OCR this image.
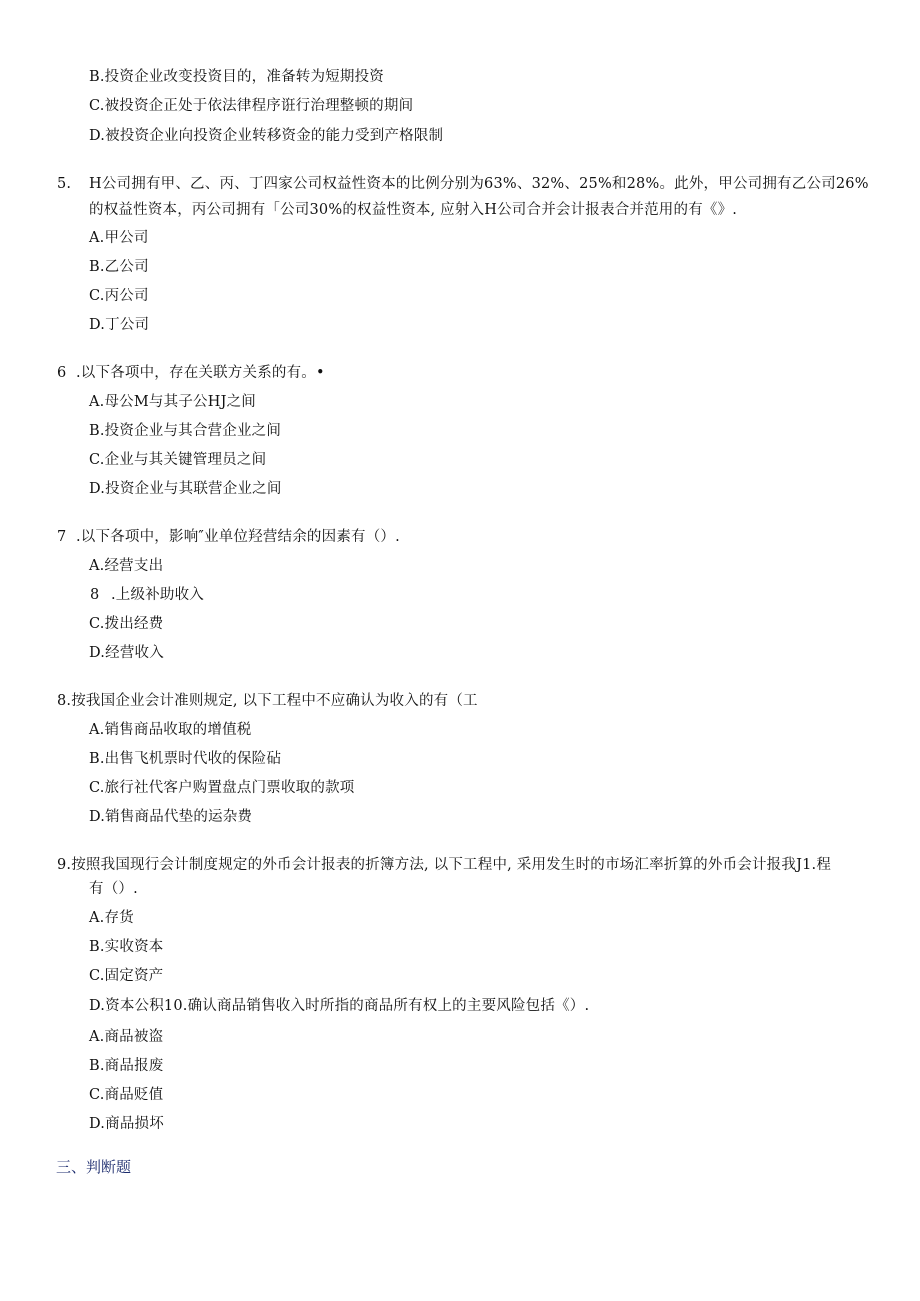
B.投资企业改变投资目的，准备转为短期投资
C.被投资企正处于依法律程序诳行治理整顿的期间
D.被投资企业向投资企业转移资金的能力受到产格限制
5. H公司拥有甲、乙、丙、丁四家公司权益性资本的比例分别为63%、32%、25%和28%。此外，甲公司拥有乙公司26%
的权益性资本，丙公司拥有「公司30%的权益性资本, 应射入H公司合并会计报表合并范用的有《》.
A.甲公司
B.乙公司
C.丙公司
D.丁公司
6 .以下各项中，存在关联方关系的有。•
A.母公M与其子公HJ之间
B.投资企业与其合营企业之间
C.企业与其关键管理员之间
D.投资企业与其联营企业之间
7 .以下各项中，影响″业单位羟营结余的因素有（）.
A.经营支出
8 .上级补助收入
C.拨出经费
D.经营收入
8.按我国企业会计准则规定, 以下工程中不应确认为收入的有（工
A.销售商品收取的增值税
B.出售飞机票时代收的保险砧
C.旅行社代客户购置盘点门票收取的款项
D.销售商品代垫的运杂费
9.按照我国现行会计制度规定的外币会计报表的折簿方法, 以下工程中, 采用发生时的市场汇率折算的外币会计报我J1.程
有（）.
A.存货
B.实收资本
C.固定资产
D.资本公积10.确认商品销售收入时所指的商品所有权上的主要风险包括《）.
A.商品被盗
B.商品报废
C.商品贬值
D.商品损坏
三、判断题
